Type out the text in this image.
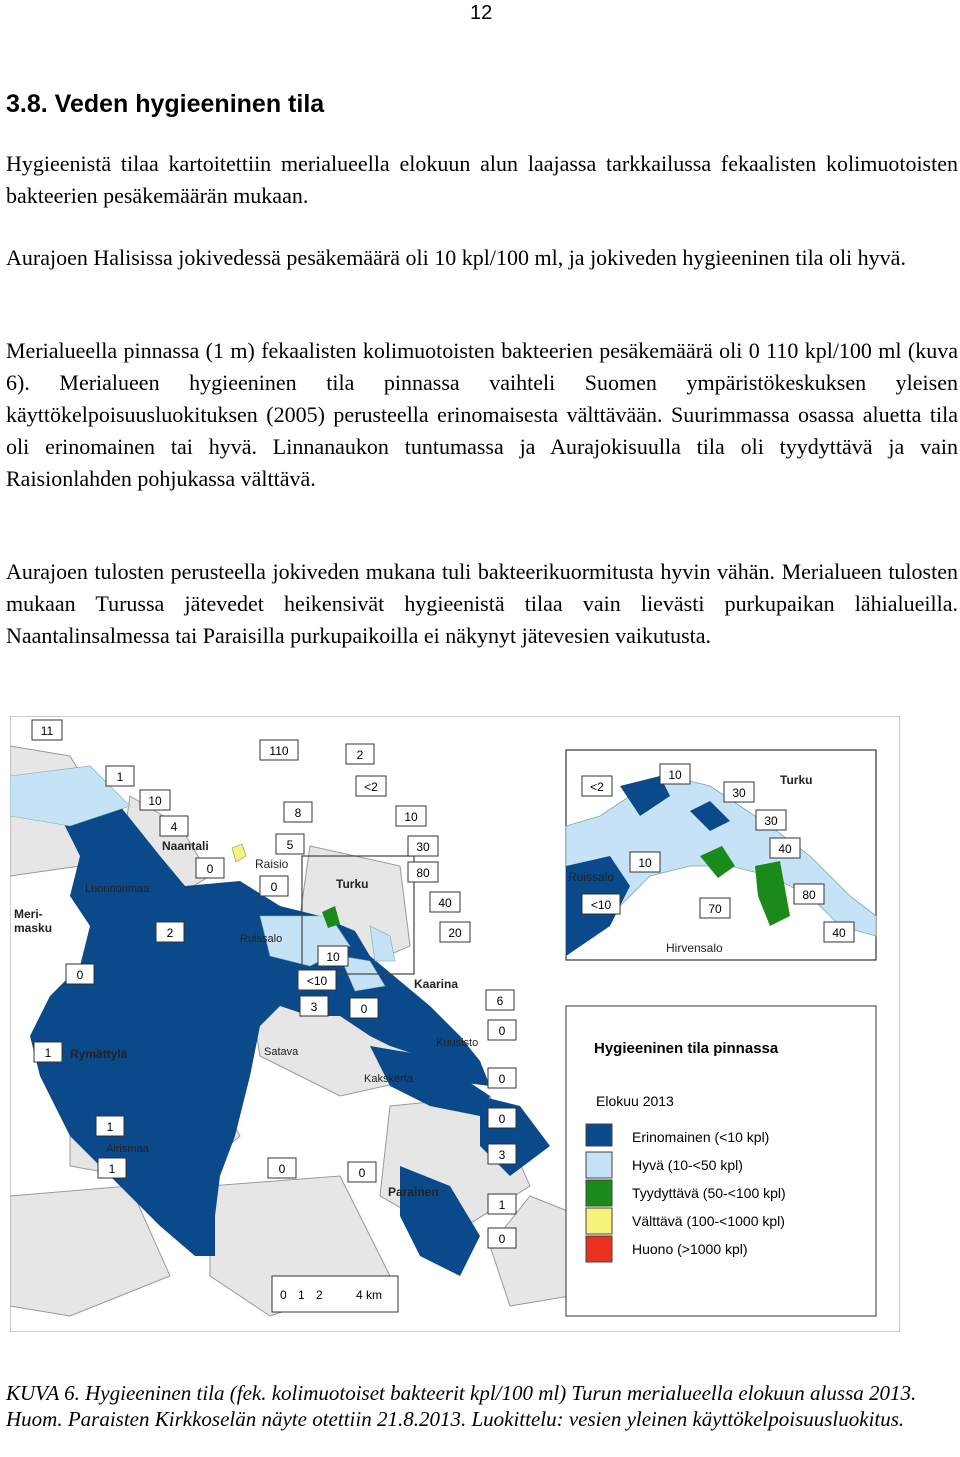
12
3.8. Veden hygieeninen tila
Hygieenistä tilaa kartoitettiin merialueella elokuun alun laajassa tarkkailussa fekaalisten kolimuotoisten bakteerien pesäkemäärän mukaan.
Aurajoen Halisissa jokivedessä pesäkemäärä oli 10 kpl/100 ml, ja jokiveden hygieeninen tila oli hyvä.
Merialueella pinnassa (1 m) fekaalisten kolimuotoisten bakteerien pesäkemäärä oli 0 110 kpl/100 ml (kuva 6). Merialueen hygieeninen tila pinnassa vaihteli Suomen ympäristökeskuksen yleisen käyttökelpoisuusluokituksen (2005) perusteella erinomaisesta välttävään. Suurimmassa osassa aluetta tila oli erinomainen tai hyvä. Linnanaukon tuntumassa ja Aurajokisuulla tila oli tyydyttävä ja vain Raisionlahden pohjukassa välttävä.
Aurajoen tulosten perusteella jokiveden mukana tuli bakteerikuormitusta hyvin vähän. Merialueen tulosten mukaan Turussa jätevedet heikensivät hygieenistä tilaa vain lievästi purkupaikan lähialueilla. Naantalinsalmessa tai Paraisilla purkupaikoilla ei näkynyt jätevesien vaikutusta.
Naantali
Raisio
Luonnonmaa
Meri-
masku
Turku
Ruissalo
Kaarina
Kuusisto
Satava
Kakskerta
Rymättylä
Airismaa
Parainen
Turku
Ruissalo
Hirvensalo
11
1
10
4
0
110
8
5
0
2
<2
10
30
80
40
20
2
10
<10
3
0
1
0
6
0
0
1
0
1
3
1
0
0	0
<2
10
30
30
10
40
80
<10	70
40
0 1 2	4 km
Hygieeninen tila pinnassa
Elokuu 2013
Erinomainen (<10 kpl)
Hyvä (10-<50 kpl)
Tyydyttävä (50-<100 kpl)
Välttävä (100-<1000 kpl)
Huono (>1000 kpl)
KUVA 6. Hygieeninen tila (fek. kolimuotoiset bakteerit kpl/100 ml) Turun merialueella elokuun alussa 2013. Huom. Paraisten Kirkkoselän näyte otettiin 21.8.2013. Luokittelu: vesien yleinen käyttökelpoisuusluokitus.
